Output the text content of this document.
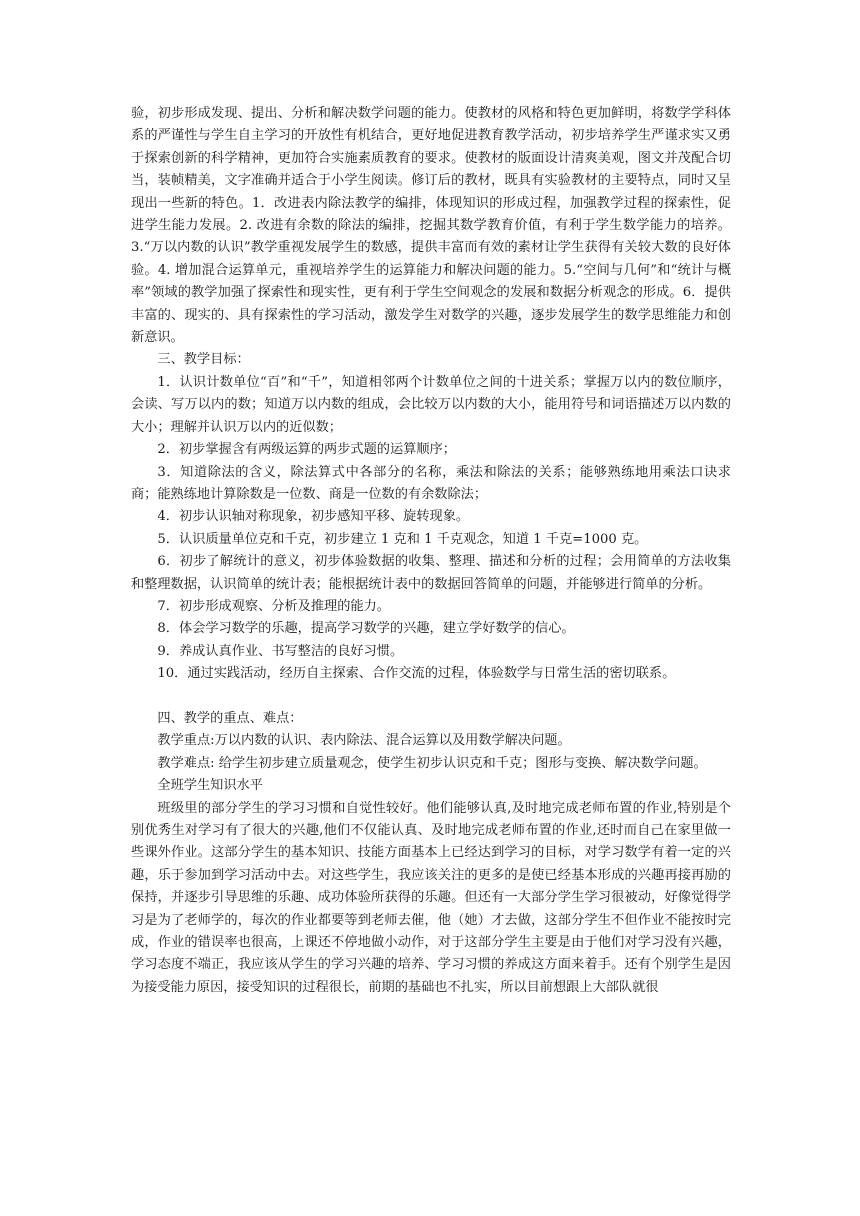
验，初步形成发现、提出、分析和解决数学问题的能力。使教材的风格和特色更加鲜明，将数学学科体系的严谨性与学生自主学习的开放性有机结合，更好地促进教育教学活动，初步培养学生严谨求实又勇于探索创新的科学精神，更加符合实施素质教育的要求。使教材的版面设计清爽美观，图文并茂配合切当，装帧精美，文字准确并适合于小学生阅读。修订后的教材，既具有实验教材的主要特点，同时又呈现出一些新的特色。1．改进表内除法教学的编排，体现知识的形成过程，加强教学过程的探索性，促进学生能力发展。2. 改进有余数的除法的编排，挖掘其数学教育价值，有利于学生数学能力的培养。3.“万以内数的认识”教学重视发展学生的数感，提供丰富而有效的素材让学生获得有关较大数的良好体验。4. 增加混合运算单元，重视培养学生的运算能力和解决问题的能力。5.“空间与几何”和“统计与概率”领域的教学加强了探索性和现实性，更有利于学生空间观念的发展和数据分析观念的形成。6．提供丰富的、现实的、具有探索性的学习活动，激发学生对数学的兴趣，逐步发展学生的数学思维能力和创新意识。

三、教学目标：

1．认识计数单位“百”和“千”，知道相邻两个计数单位之间的十进关系；掌握万以内的数位顺序，会读、写万以内的数；知道万以内数的组成，会比较万以内数的大小，能用符号和词语描述万以内数的大小；理解并认识万以内的近似数；

2．初步掌握含有两级运算的两步式题的运算顺序；

3．知道除法的含义，除法算式中各部分的名称，乘法和除法的关系；能够熟练地用乘法口诀求商；能熟练地计算除数是一位数、商是一位数的有余数除法；

4．初步认识轴对称现象，初步感知平移、旋转现象。

5．认识质量单位克和千克，初步建立 1 克和 1 千克观念，知道 1 千克=1000 克。

6．初步了解统计的意义，初步体验数据的收集、整理、描述和分析的过程；会用简单的方法收集和整理数据，认识简单的统计表；能根据统计表中的数据回答简单的问题，并能够进行简单的分析。

7．初步形成观察、分析及推理的能力。

8．体会学习数学的乐趣，提高学习数学的兴趣，建立学好数学的信心。

9．养成认真作业、书写整洁的良好习惯。

10．通过实践活动，经历自主探索、合作交流的过程，体验数学与日常生活的密切联系。

四、教学的重点、难点：

教学重点:万以内数的认识、表内除法、混合运算以及用数学解决问题。

教学难点: 给学生初步建立质量观念，使学生初步认识克和千克；图形与变换、解决数学问题。

全班学生知识水平

班级里的部分学生的学习习惯和自觉性较好。他们能够认真,及时地完成老师布置的作业,特别是个别优秀生对学习有了很大的兴趣,他们不仅能认真、及时地完成老师布置的作业,还时而自己在家里做一些课外作业。这部分学生的基本知识、技能方面基本上已经达到学习的目标，对学习数学有着一定的兴趣，乐于参加到学习活动中去。对这些学生，我应该关注的更多的是使已经基本形成的兴趣再接再励的保持，并逐步引导思维的乐趣、成功体验所获得的乐趣。但还有一大部分学生学习很被动，好像觉得学习是为了老师学的，每次的作业都要等到老师去催，他（她）才去做，这部分学生不但作业不能按时完成，作业的错误率也很高，上课还不停地做小动作，对于这部分学生主要是由于他们对学习没有兴趣，学习态度不端正，我应该从学生的学习兴趣的培养、学习习惯的养成这方面来着手。还有个别学生是因为接受能力原因，接受知识的过程很长，前期的基础也不扎实，所以目前想跟上大部队就很
